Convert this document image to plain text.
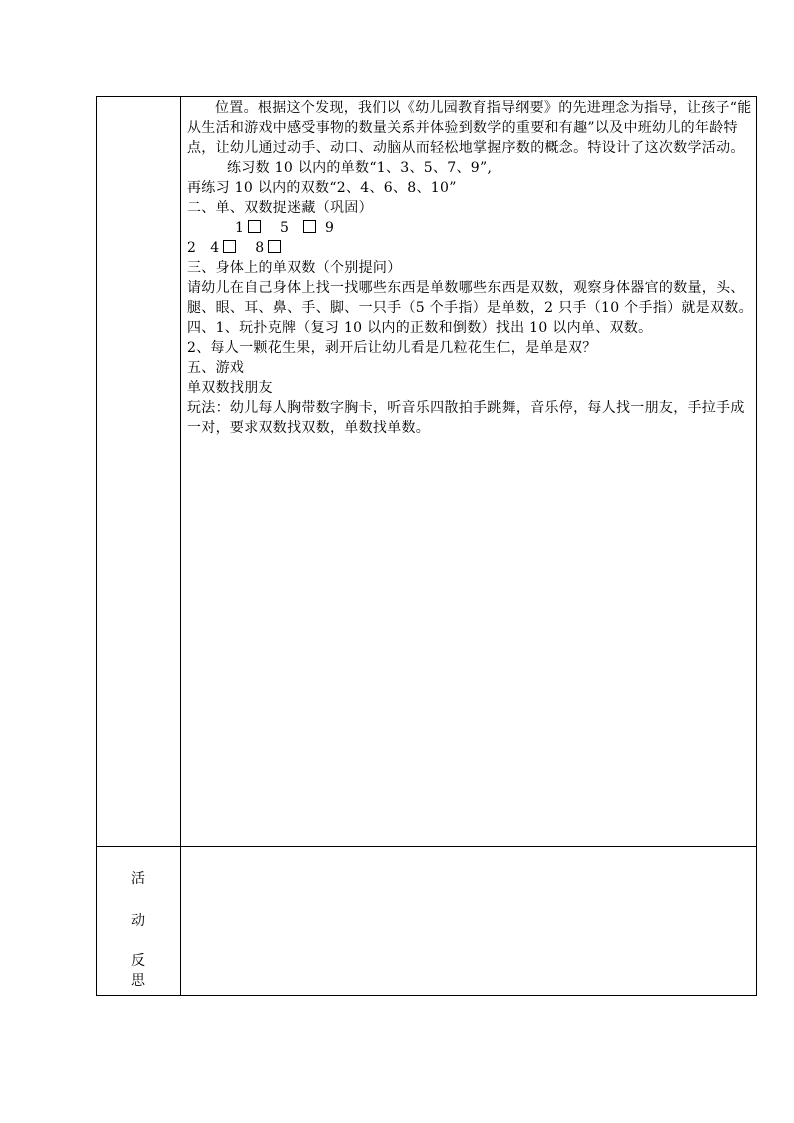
位置。根据这个发现，我们以《幼儿园教育指导纲要》的先进理念为指导，让孩子“能从生活和游戏中感受事物的数量关系并体验到数学的重要和有趣”以及中班幼儿的年龄特点，让幼儿通过动手、动口、动脑从而轻松地掌握序数的概念。特设计了这次数学活动。练习数 10 以内的单数“1、3、5、7、9”,

再练习 10 以内的双数“2、4、6、8、10”

二、单、双数捉迷藏（巩固）

1	5	9

2 4	8

三、身体上的单双数（个别提问）

请幼儿在自己身体上找一找哪些东西是单数哪些东西是双数，观察身体器官的数量，头、腿、眼、耳、鼻、手、脚、一只手（5 个手指）是单数，2 只手（10 个手指）就是双数。

四、1、玩扑克牌（复习 10 以内的正数和倒数）找出 10 以内单、双数。

2、每人一颗花生果，剥开后让幼儿看是几粒花生仁，是单是双？

五、游戏

单双数找朋友

玩法：幼儿每人胸带数字胸卡，听音乐四散拍手跳舞，音乐停，每人找一朋友，手拉手成一对，要求双数找双数，单数找单数。

活
动
反
思
